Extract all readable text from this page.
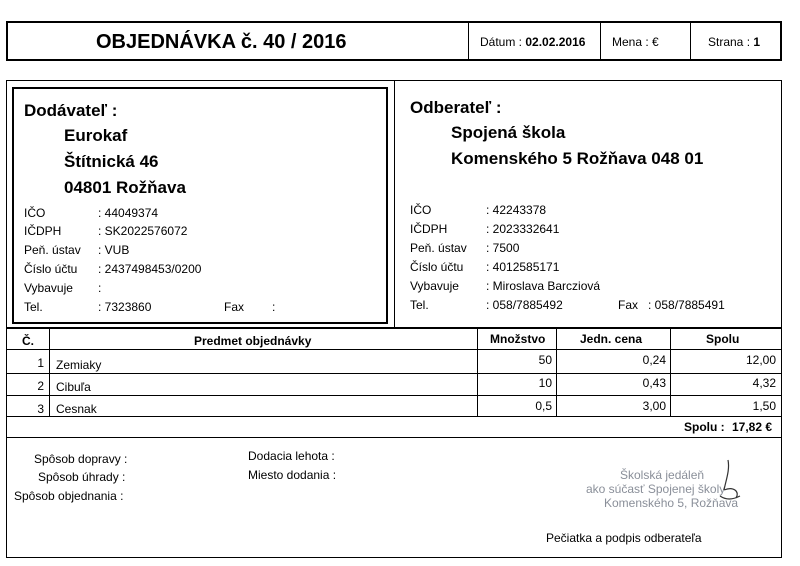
OBJEDNÁVKA č. 40 / 2016	Dátum : 02.02.2016 Mena : €	Strana : 1
Dodávateľ :
Eurokaf
Štítnická 46
04801 Rožňava
IČO	: 44049374
IČDPH	: SK2022576072
Peň. ústav : VUB
Číslo účtu : 2437498453/0200
Vybavuje :
Tel.	: 7323860	Fax :
Odberateľ :
Spojená škola
Komenského 5 Rožňava 048 01
IČO	: 42243378
IČDPH	: 2023332641
Peň. ústav : 7500
Číslo účtu : 4012585171
Vybavuje : Miroslava Barcziová
Tel.	: 058/7885492	Fax : 058/7885491
Č.	Predmet objednávky	Množstvo	Jedn. cena	Spolu
1 Zemiaky	50	0,24	12,00
2 Cibuľa	10	0,43	4,32
3 Cesnak	0,5	3,00	1,50
Spolu : 17,82 €
Spôsob dopravy :
Spôsob úhrady :
Spôsob objednania :
Dodacia lehota :
Miesto dodania :
Pečiatka a podpis odberateľa
Školská jedáleň
ako súčasť Spojenej školy
Komenského 5, Rožňava
